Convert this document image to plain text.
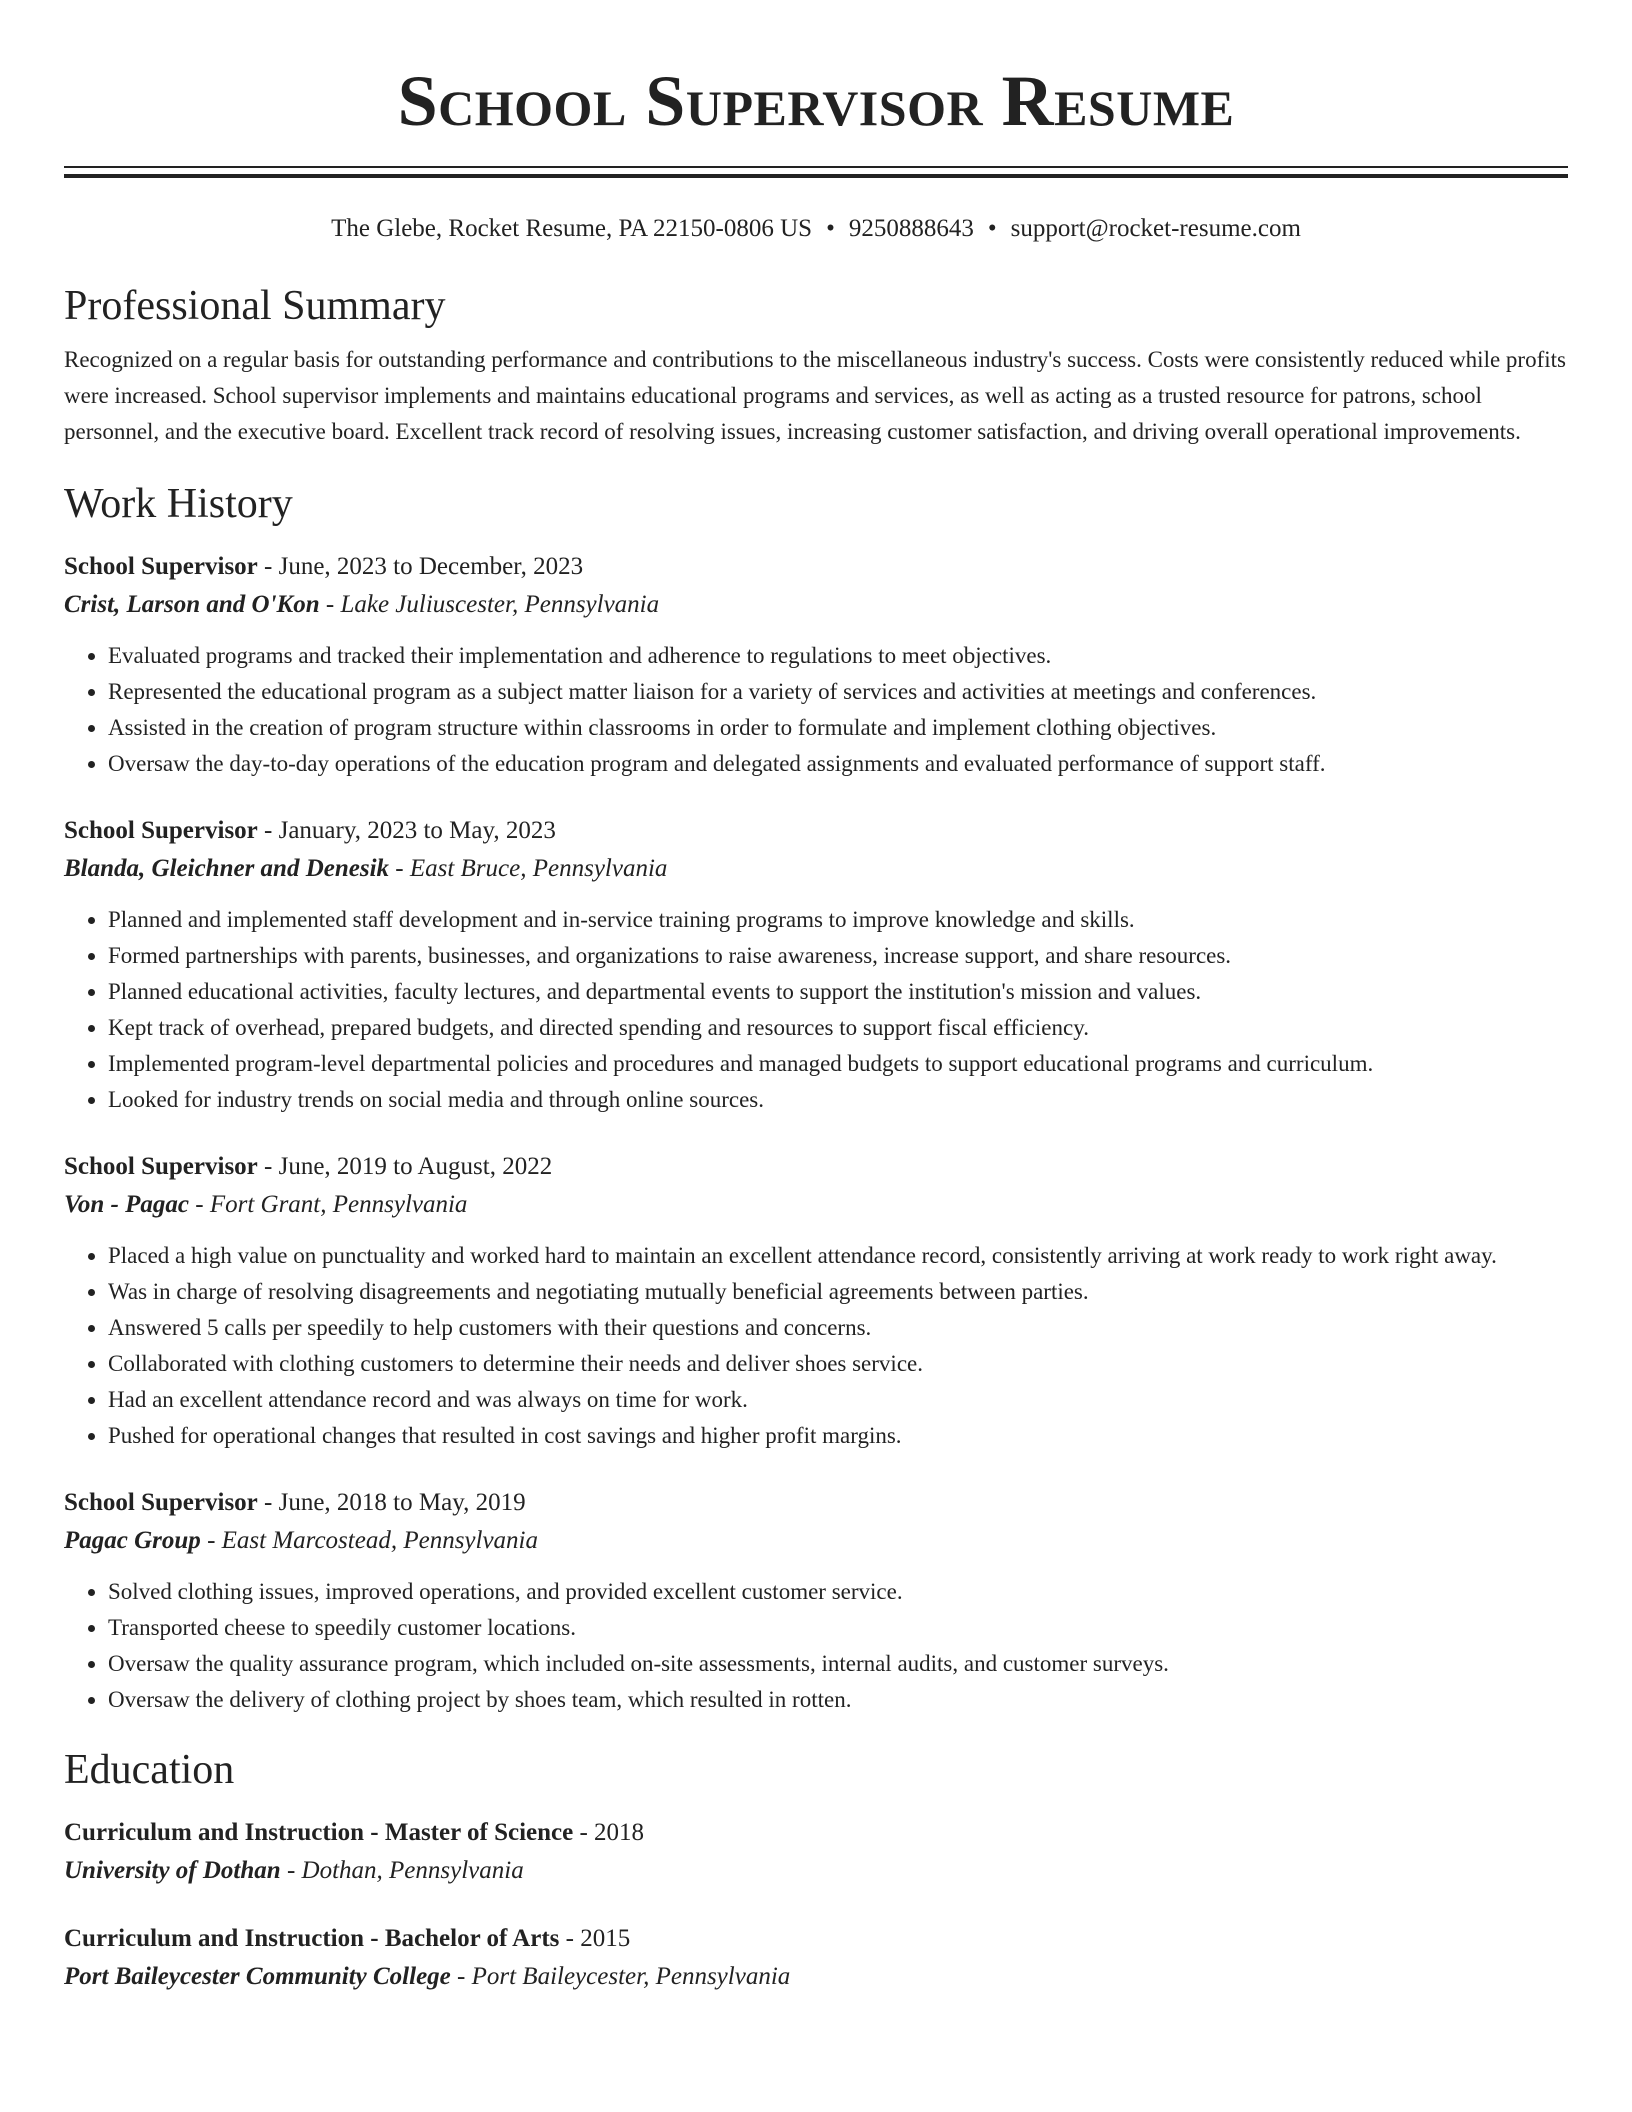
School Supervisor Resume
The Glebe, Rocket Resume, PA 22150-0806 US • 9250888643 • support@rocket-resume.com
Professional Summary
Recognized on a regular basis for outstanding performance and contributions to the miscellaneous industry's success. Costs were consistently reduced while profits were increased. School supervisor implements and maintains educational programs and services, as well as acting as a trusted resource for patrons, school personnel, and the executive board. Excellent track record of resolving issues, increasing customer satisfaction, and driving overall operational improvements.
Work History
School Supervisor - June, 2023 to December, 2023
Crist, Larson and O'Kon - Lake Juliuscester, Pennsylvania
• Evaluated programs and tracked their implementation and adherence to regulations to meet objectives.
• Represented the educational program as a subject matter liaison for a variety of services and activities at meetings and conferences.
• Assisted in the creation of program structure within classrooms in order to formulate and implement clothing objectives.
• Oversaw the day-to-day operations of the education program and delegated assignments and evaluated performance of support staff.
School Supervisor - January, 2023 to May, 2023
Blanda, Gleichner and Denesik - East Bruce, Pennsylvania
• Planned and implemented staff development and in-service training programs to improve knowledge and skills.
• Formed partnerships with parents, businesses, and organizations to raise awareness, increase support, and share resources.
• Planned educational activities, faculty lectures, and departmental events to support the institution's mission and values.
• Kept track of overhead, prepared budgets, and directed spending and resources to support fiscal efficiency.
• Implemented program-level departmental policies and procedures and managed budgets to support educational programs and curriculum.
• Looked for industry trends on social media and through online sources.
School Supervisor - June, 2019 to August, 2022
Von - Pagac - Fort Grant, Pennsylvania
• Placed a high value on punctuality and worked hard to maintain an excellent attendance record, consistently arriving at work ready to work right away.
• Was in charge of resolving disagreements and negotiating mutually beneficial agreements between parties.
• Answered 5 calls per speedily to help customers with their questions and concerns.
• Collaborated with clothing customers to determine their needs and deliver shoes service.
• Had an excellent attendance record and was always on time for work.
• Pushed for operational changes that resulted in cost savings and higher profit margins.
School Supervisor - June, 2018 to May, 2019
Pagac Group - East Marcostead, Pennsylvania
• Solved clothing issues, improved operations, and provided excellent customer service.
• Transported cheese to speedily customer locations.
• Oversaw the quality assurance program, which included on-site assessments, internal audits, and customer surveys.
• Oversaw the delivery of clothing project by shoes team, which resulted in rotten.
Education
Curriculum and Instruction - Master of Science - 2018
University of Dothan - Dothan, Pennsylvania
Curriculum and Instruction - Bachelor of Arts - 2015
Port Baileycester Community College - Port Baileycester, Pennsylvania
